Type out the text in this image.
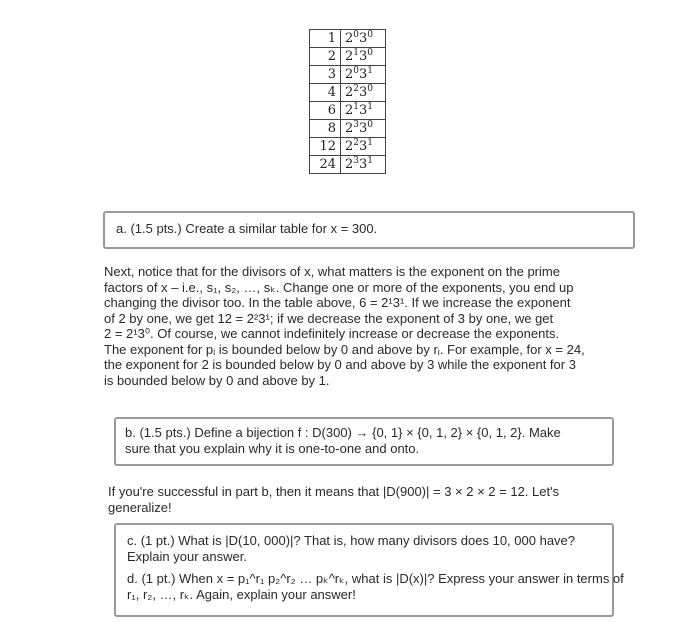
1	$2^03^0$
2	$2^13^0$
3	$2^03^1$
4	$2^23^0$
6	$2^13^1$
8	$2^33^0$
12	$2^23^1$
24	$2^33^1$
a. (1.5 pts.) Create a similar table for x = 300.
Next, notice that for the divisors of x, what matters is the exponent on the prime
factors of x – i.e., s₁, s₂, …, sₖ. Change one or more of the exponents, you end up
changing the divisor too. In the table above, 6 = 2¹3¹. If we increase the exponent
of 2 by one, we get 12 = 2²3¹; if we decrease the exponent of 3 by one, we get
2 = 2¹3⁰. Of course, we cannot indefinitely increase or decrease the exponents.
The exponent for pᵢ is bounded below by 0 and above by rᵢ. For example, for x = 24,
the exponent for 2 is bounded below by 0 and above by 3 while the exponent for 3
is bounded below by 0 and above by 1.
b. (1.5 pts.) Define a bijection f : D(300) → {0, 1} × {0, 1, 2} × {0, 1, 2}. Make
sure that you explain why it is one-to-one and onto.
If you're successful in part b, then it means that |D(900)| = 3 × 2 × 2 = 12. Let's
generalize!
c. (1 pt.) What is |D(10, 000)|? That is, how many divisors does 10, 000 have?
Explain your answer.
d. (1 pt.) When x = p₁^r₁ p₂^r₂ … pₖ^rₖ, what is |D(x)|? Express your answer in terms of
r₁, r₂, …, rₖ. Again, explain your answer!
